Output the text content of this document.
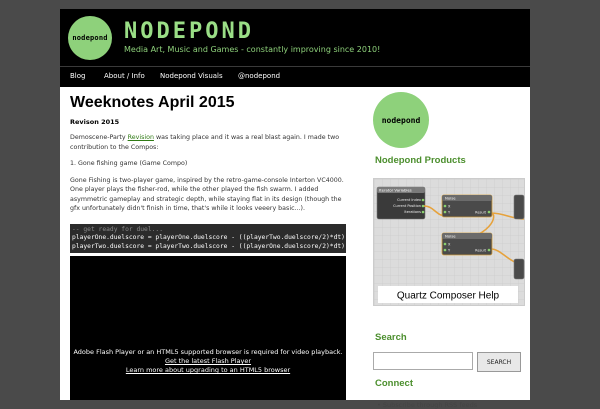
nodepond NODEPOND
Media Art, Music and Games - constantly improving since 2010!
Blog	About / Info Nodepond Visuals @nodepond
Weeknotes April 2015
Revison 2015

Demoscene-Party Revision was taking place and it was a real blast again. I made two contribution to the Compos:

1. Gone fishing game (Game Compo)

Gone Fishing is two-player game, inspired by the retro-game-console Interton VC4000. One player plays the fisher-rod, while the other played the fish swarm. I added asymmetric gameplay and strategic depth, while staying flat in its design (though the gfx unfortunately didn't finish in time, that's while it looks veeery basic...).

-- get ready for duel...
playerOne.duelscore = playerOne.duelscore - ((playerTwo.duelscore/2)*dt)
playerTwo.duelscore = playerTwo.duelscore - ((playerOne.duelscore/2)*dt)
Adobe Flash Player or an HTML5 supported browser is required for video playback.
Get the latest Flash Player
Learn more about upgrading to an HTML5 browser
nodepond
Nodepond Products
Iterator Variables
Current Index
Current Position
Iterations
Noise
X
Y	Result
Noise
X
Y	Result
Quartz Composer Help
Search
SEARCH
Connect
• Subscribe through RSS feeds
